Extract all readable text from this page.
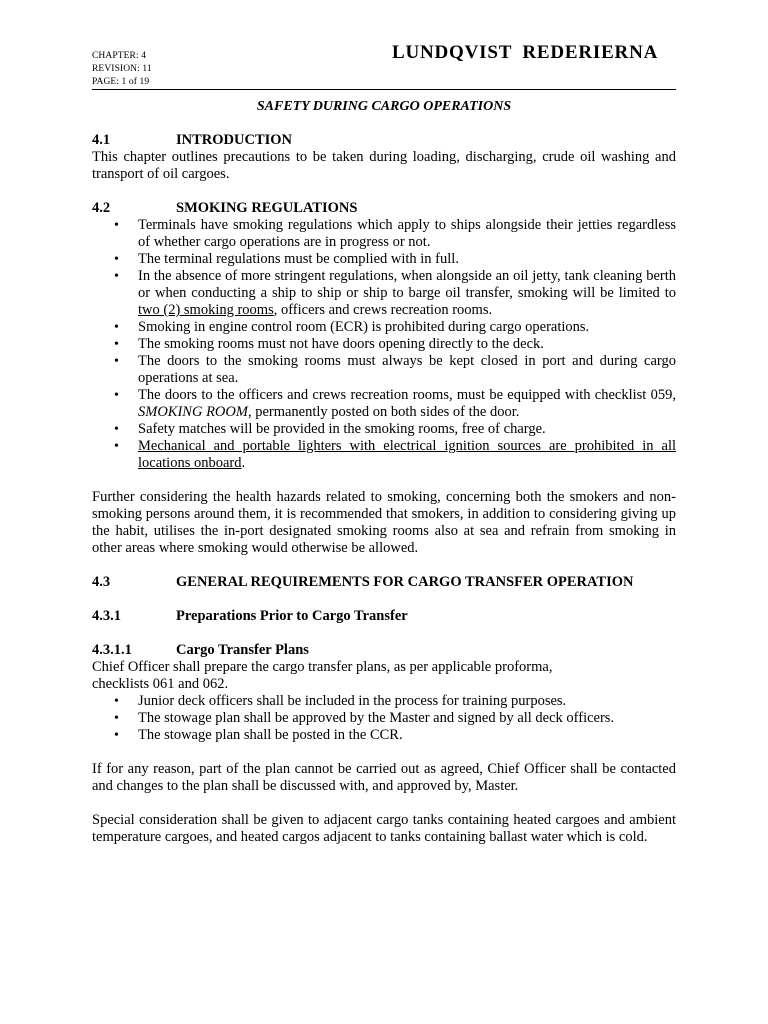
CHAPTER: 4
REVISION: 11
PAGE: 1 of 19
LUNDQVIST REDERIERNA
SAFETY DURING CARGO OPERATIONS
4.1	INTRODUCTION

This chapter outlines precautions to be taken during loading, discharging, crude oil washing and transport of oil cargoes.

4.2	SMOKING REGULATIONS
• Terminals have smoking regulations which apply to ships alongside their jetties regardless of whether cargo operations are in progress or not.
• The terminal regulations must be complied with in full.
• In the absence of more stringent regulations, when alongside an oil jetty, tank cleaning berth or when conducting a ship to ship or ship to barge oil transfer, smoking will be limited to two (2) smoking rooms, officers and crews recreation rooms.
• Smoking in engine control room (ECR) is prohibited during cargo operations.
• The smoking rooms must not have doors opening directly to the deck.
• The doors to the smoking rooms must always be kept closed in port and during cargo operations at sea.
• The doors to the officers and crews recreation rooms, must be equipped with checklist 059, SMOKING ROOM, permanently posted on both sides of the door.
• Safety matches will be provided in the smoking rooms, free of charge.
• Mechanical and portable lighters with electrical ignition sources are prohibited in all locations onboard.

Further considering the health hazards related to smoking, concerning both the smokers and non-smoking persons around them, it is recommended that smokers, in addition to considering giving up the habit, utilises the in-port designated smoking rooms also at sea and refrain from smoking in other areas where smoking would otherwise be allowed.

4.3	GENERAL REQUIREMENTS FOR CARGO TRANSFER OPERATION
4.3.1	Preparations Prior to Cargo Transfer
4.3.1.1	Cargo Transfer Plans
Chief Officer shall prepare the cargo transfer plans, as per applicable proforma,
checklists 061 and 062.
• Junior deck officers shall be included in the process for training purposes.
• The stowage plan shall be approved by the Master and signed by all deck officers.
• The stowage plan shall be posted in the CCR.

If for any reason, part of the plan cannot be carried out as agreed, Chief Officer shall be contacted and changes to the plan shall be discussed with, and approved by, Master.

Special consideration shall be given to adjacent cargo tanks containing heated cargoes and ambient temperature cargoes, and heated cargos adjacent to tanks containing ballast water which is cold.
